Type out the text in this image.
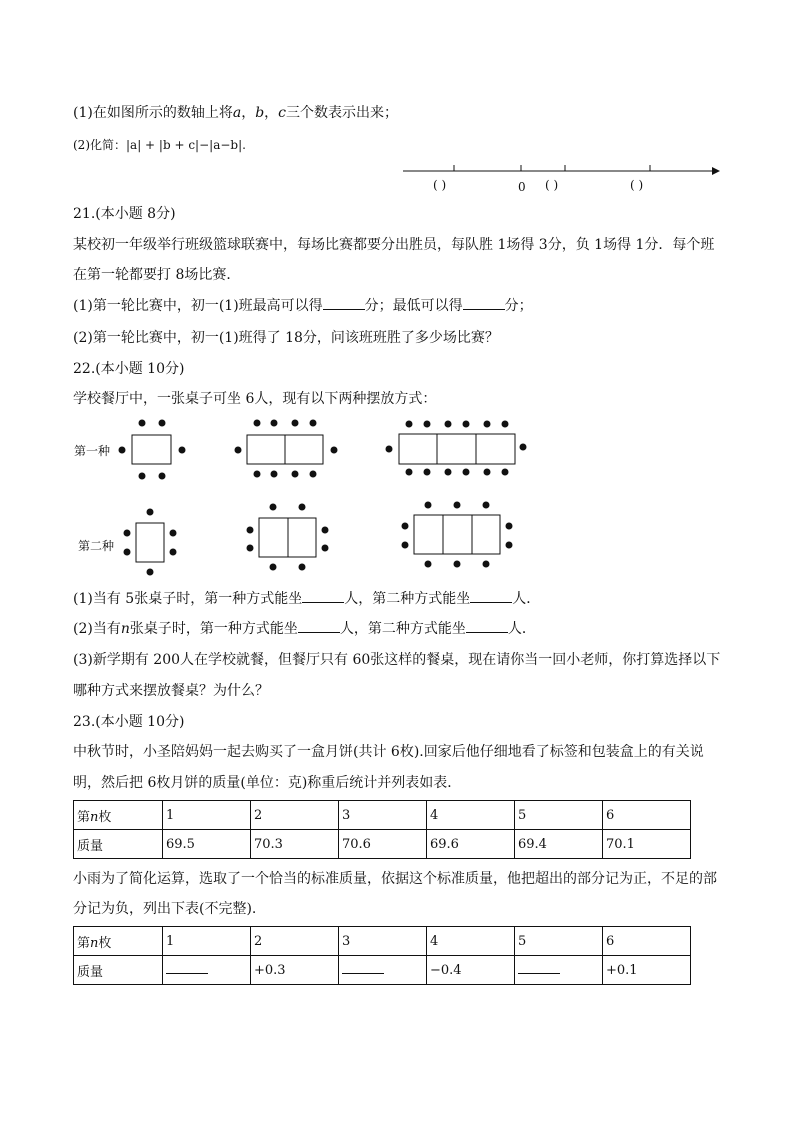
(1)在如图所示的数轴上将a，b，c三个数表示出来；
(2)化简：|a| + |b + c|−|a−b|.
( )	0 ( )	( )
21.(本小题 8分)
某校初一年级举行班级篮球联赛中，每场比赛都要分出胜员，每队胜 1场得 3分，负 1场得 1分．每个班
在第一轮都要打 8场比赛．
(1)第一轮比赛中，初一(1)班最高可以得	分；最低可以得	分；
(2)第一轮比赛中，初一(1)班得了 18分，问该班班胜了多少场比赛？
22.(本小题 10分)
学校餐厅中，一张桌子可坐 6人，现有以下两种摆放方式：
第一种
第二种
(1)当有 5张桌子时，第一种方式能坐	人，第二种方式能坐	人．
(2)当有n张桌子时，第一种方式能坐	人，第二种方式能坐	人．
(3)新学期有 200人在学校就餐，但餐厅只有 60张这样的餐桌，现在请你当一回小老师，你打算选择以下
哪种方式来摆放餐桌？为什么？
23.(本小题 10分)
中秋节时，小圣陪妈妈一起去购买了一盒月饼(共计 6枚).回家后他仔细地看了标签和包装盒上的有关说
明，然后把 6枚月饼的质量(单位：克)称重后统计并列表如表．
第n枚	1	2	3	4	5	6
质量	69.5	70.3	70.6	69.6	69.4	70.1
小雨为了简化运算，选取了一个恰当的标准质量，依据这个标准质量，他把超出的部分记为正，不足的部
分记为负，列出下表(不完整).
第n枚	1	2	3	4	5	6
质量		+0.3		−0.4		+0.1
